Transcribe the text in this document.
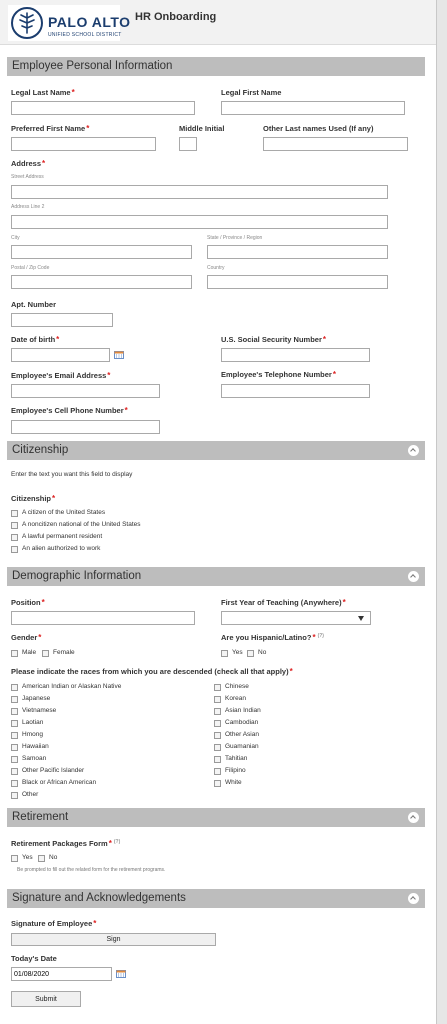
PALO ALTO
UNIFIED SCHOOL DISTRICT
HR Onboarding
Employee Personal Information
Legal Last Name*	Legal First Name
Preferred First Name*	Middle Initial	Other Last names Used (If any)
Address*
Street Address
Address Line 2
City	State / Province / Region
Postal / Zip Code	Country
Apt. Number
Date of birth*	U.S. Social Security Number*
Employee's Email Address*	Employee's Telephone Number*
Employee's Cell Phone Number*
Citizenship
Enter the text you want this field to display
Citizenship*
A citizen of the United States
A noncitizen national of the United States
A lawful permanent resident
An alien authorized to work
Demographic Information
Position*	First Year of Teaching (Anywhere)*
Gender*
Male	Female
Are you Hispanic/Latino?* (?)
Yes No
Please indicate the races from which you are descended (check all that apply)*
American Indian or Alaskan Native
Japanese
Vietnamese
Laotian
Hmong
Hawaiian
Samoan
Other Pacific Islander
Black or African American
Other
Chinese
Korean
Asian Indian
Cambodian
Other Asian
Guamanian
Tahitian
Filipino
White
Retirement
Retirement Packages Form* (?)
Yes	No
Be prompted to fill out the related form for the retirement programs.
Signature and Acknowledgements
Signature of Employee*
Sign
Today's Date
01/08/2020
Submit
